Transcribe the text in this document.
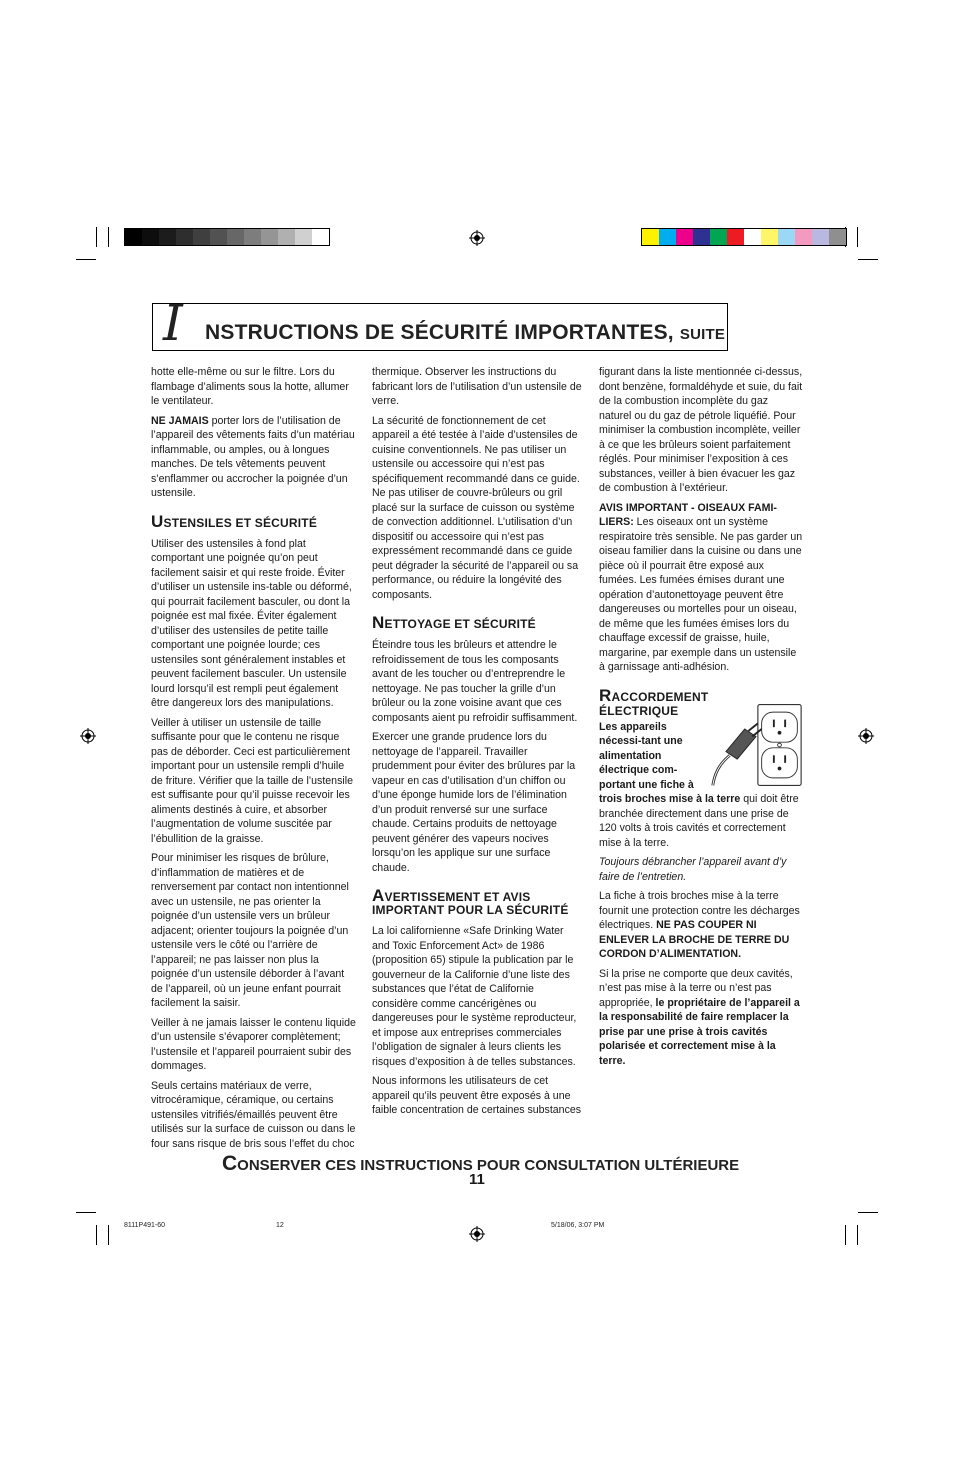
I NSTRUCTIONS DE SÉCURITÉ IMPORTANTES, SUITE

hotte elle-même ou sur le filtre. Lors du flambage d’aliments sous la hotte, allumer le ventilateur.

NE JAMAIS porter lors de l’utilisation de l’appareil des vêtements faits d’un matériau inflammable, ou amples, ou à longues manches. De tels vêtements peuvent s’enflammer ou accrocher la poignée d’un ustensile.

USTENSILES ET SÉCURITÉ

Utiliser des ustensiles à fond plat comportant une poignée qu’on peut facilement saisir et qui reste froide. Éviter d’utiliser un ustensile ins-table ou déformé, qui pourrait facilement basculer, ou dont la poignée est mal fixée. Éviter également d’utiliser des ustensiles de petite taille comportant une poignée lourde; ces ustensiles sont généralement instables et peuvent facilement basculer. Un ustensile lourd lorsqu’il est rempli peut également être dangereux lors des manipulations.

Veiller à utiliser un ustensile de taille suffisante pour que le contenu ne risque pas de déborder. Ceci est particulièrement important pour un ustensile rempli d’huile de friture. Vérifier que la taille de l’ustensile est suffisante pour qu’il puisse recevoir les aliments destinés à cuire, et absorber l’augmentation de volume suscitée par l’ébullition de la graisse.

Pour minimiser les risques de brûlure, d’inflammation de matières et de renversement par contact non intentionnel avec un ustensile, ne pas orienter la poignée d’un ustensile vers un brûleur adjacent; orienter toujours la poignée d’un ustensile vers le côté ou l’arrière de l’appareil; ne pas laisser non plus la poignée d’un ustensile déborder à l’avant de l’appareil, où un jeune enfant pourrait facilement la saisir.

Veiller à ne jamais laisser le contenu liquide d’un ustensile s’évaporer complètement; l’ustensile et l’appareil pourraient subir des dommages.

Seuls certains matériaux de verre, vitrocéramique, céramique, ou certains ustensiles vitrifiés/émaillés peuvent être utilisés sur la surface de cuisson ou dans le four sans risque de bris sous l’effet du choc

thermique. Observer les instructions du fabricant lors de l’utilisation d’un ustensile de verre.

La sécurité de fonctionnement de cet appareil a été testée à l’aide d’ustensiles de cuisine conventionnels. Ne pas utiliser un ustensile ou accessoire qui n’est pas spécifiquement recommandé dans ce guide. Ne pas utiliser de couvre-brûleurs ou gril placé sur la surface de cuisson ou système de convection additionnel. L’utilisation d’un dispositif ou accessoire qui n’est pas expressément recommandé dans ce guide peut dégrader la sécurité de l’appareil ou sa performance, ou réduire la longévité des composants.

NETTOYAGE ET SÉCURITÉ

Éteindre tous les brûleurs et attendre le refroidissement de tous les composants avant de les toucher ou d’entreprendre le nettoyage. Ne pas toucher la grille d’un brûleur ou la zone voisine avant que ces composants aient pu refroidir suffisamment.

Exercer une grande prudence lors du nettoyage de l’appareil. Travailler prudemment pour éviter des brûlures par la vapeur en cas d’utilisation d’un chiffon ou d’une éponge humide lors de l’élimination d’un produit renversé sur une surface chaude. Certains produits de nettoyage peuvent générer des vapeurs nocives lorsqu’on les applique sur une surface chaude.

AVERTISSEMENT ET AVIS IMPORTANT POUR LA SÉCURITÉ

La loi californienne «Safe Drinking Water and Toxic Enforcement Act» de 1986 (proposition 65) stipule la publication par le gouverneur de la Californie d’une liste des substances que l’état de Californie considère comme cancérigènes ou dangereuses pour le système reproducteur, et impose aux entreprises commerciales l’obligation de signaler à leurs clients les risques d’exposition à de telles substances.

Nous informons les utilisateurs de cet appareil qu’ils peuvent être exposés à une faible concentration de certaines substances

figurant dans la liste mentionnée ci-dessus, dont benzène, formaldéhyde et suie, du fait de la combustion incomplète du gaz naturel ou du gaz de pétrole liquéfié. Pour minimiser la combustion incomplète, veiller à ce que les brûleurs soient parfaitement réglés. Pour minimiser l’exposition à ces substances, veiller à bien évacuer les gaz de combustion à l’extérieur.

AVIS IMPORTANT - OISEAUX FAMI-LIERS: Les oiseaux ont un système respiratoire très sensible. Ne pas garder un oiseau familier dans la cuisine ou dans une pièce où il pourrait être exposé aux fumées. Les fumées émises durant une opération d’autonettoyage peuvent être dangereuses ou mortelles pour un oiseau, de même que les fumées émises lors du chauffage excessif de graisse, huile, margarine, par exemple dans un ustensile à garnissage anti-adhésion.

RACCORDEMENT
ÉLECTRIQUE

Les appareils nécessi-tant une alimentation électrique com-portant une fiche à trois broches mise à la terre qui doit être branchée directement dans une prise de 120 volts à trois cavités et correctement mise à la terre.

Toujours débrancher l’appareil avant d’y faire de l’entretien.

La fiche à trois broches mise à la terre fournit une protection contre les décharges électriques. NE PAS COUPER NI ENLEVER LA BROCHE DE TERRE DU CORDON D’ALIMENTATION.

Si la prise ne comporte que deux cavités, n’est pas mise à la terre ou n’est pas appropriée, le propriétaire de l’appareil a la responsabilité de faire remplacer la prise par une prise à trois cavités polarisée et correctement mise à la terre.

CONSERVER CES INSTRUCTIONS POUR CONSULTATION ULTÉRIEURE
11
8111P491-60	12	5/18/06, 3:07 PM
